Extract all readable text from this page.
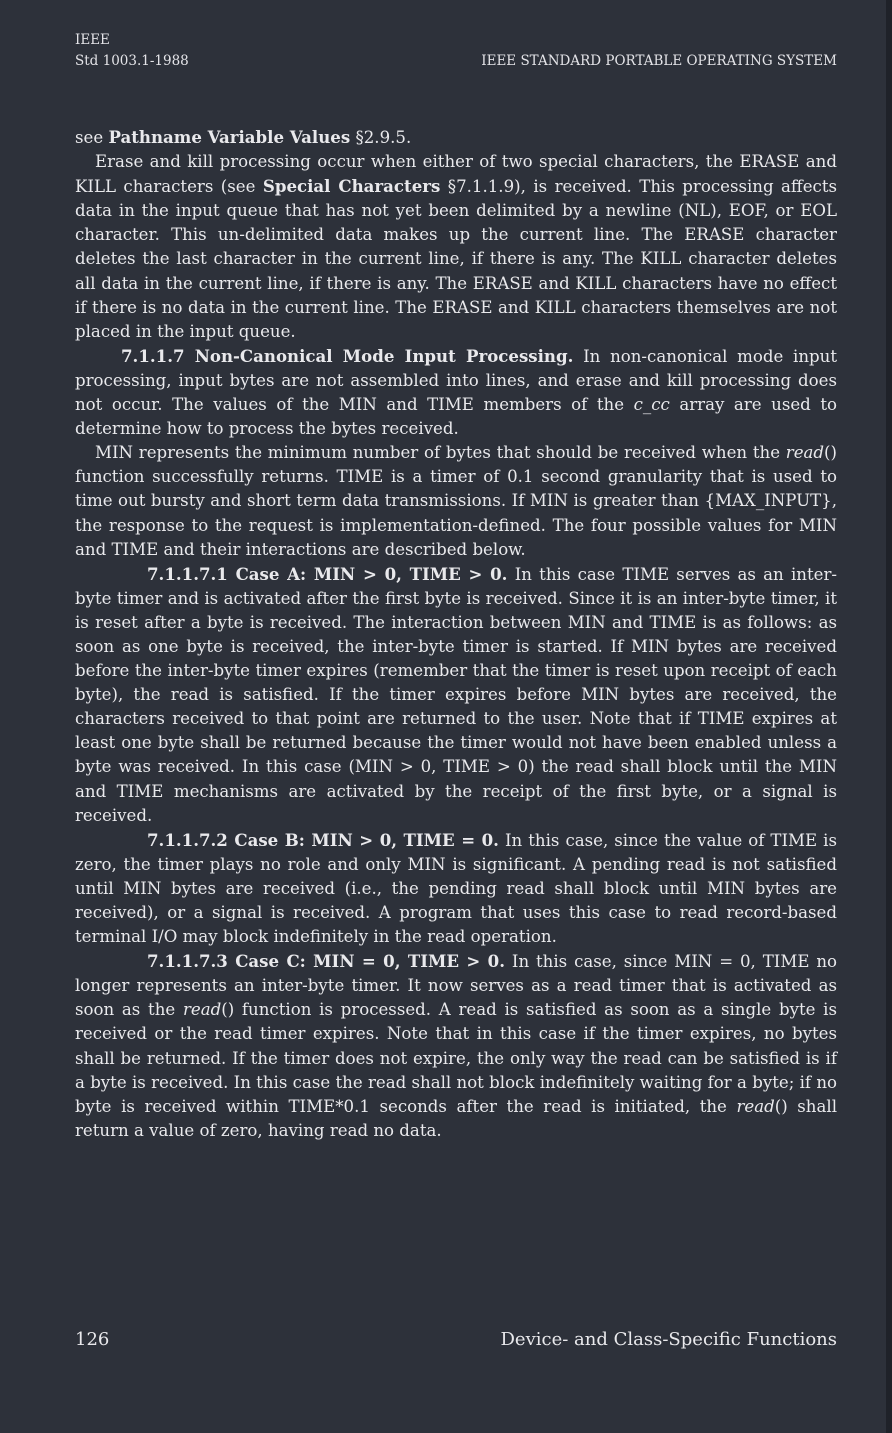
IEEE
Std 1003.1-1988	IEEE STANDARD PORTABLE OPERATING SYSTEM

see Pathname Variable Values §2.9.5.

Erase and kill processing occur when either of two special characters, the ERASE and KILL characters (see Special Characters §7.1.1.9), is received. This processing affects data in the input queue that has not yet been delimited by a newline (NL), EOF, or EOL character. This un-delimited data makes up the current line. The ERASE character deletes the last character in the current line, if there is any. The KILL character deletes all data in the current line, if there is any. The ERASE and KILL characters have no effect if there is no data in the current line. The ERASE and KILL characters themselves are not placed in the input queue.

7.1.1.7 Non-Canonical Mode Input Processing. In non-canonical mode input processing, input bytes are not assembled into lines, and erase and kill processing does not occur. The values of the MIN and TIME members of the c_cc array are used to determine how to process the bytes received.

MIN represents the minimum number of bytes that should be received when the read() function successfully returns. TIME is a timer of 0.1 second granularity that is used to time out bursty and short term data transmissions. If MIN is greater than {MAX_INPUT}, the response to the request is implementation-defined. The four possible values for MIN and TIME and their interactions are described below.

7.1.1.7.1 Case A: MIN > 0, TIME > 0. In this case TIME serves as an inter-byte timer and is activated after the first byte is received. Since it is an inter-byte timer, it is reset after a byte is received. The interaction between MIN and TIME is as follows: as soon as one byte is received, the inter-byte timer is started. If MIN bytes are received before the inter-byte timer expires (remember that the timer is reset upon receipt of each byte), the read is satisfied. If the timer expires before MIN bytes are received, the characters received to that point are returned to the user. Note that if TIME expires at least one byte shall be returned because the timer would not have been enabled unless a byte was received. In this case (MIN > 0, TIME > 0) the read shall block until the MIN and TIME mechanisms are activated by the receipt of the first byte, or a signal is received.

7.1.1.7.2 Case B: MIN > 0, TIME = 0. In this case, since the value of TIME is zero, the timer plays no role and only MIN is significant. A pending read is not satisfied until MIN bytes are received (i.e., the pending read shall block until MIN bytes are received), or a signal is received. A program that uses this case to read record-based terminal I/O may block indefinitely in the read operation.

7.1.1.7.3 Case C: MIN = 0, TIME > 0. In this case, since MIN = 0, TIME no longer represents an inter-byte timer. It now serves as a read timer that is activated as soon as the read() function is processed. A read is satisfied as soon as a single byte is received or the read timer expires. Note that in this case if the timer expires, no bytes shall be returned. If the timer does not expire, the only way the read can be satisfied is if a byte is received. In this case the read shall not block indefinitely waiting for a byte; if no byte is received within TIME*0.1 seconds after the read is initiated, the read() shall return a value of zero, having read no data.

126	Device- and Class-Specific Functions
